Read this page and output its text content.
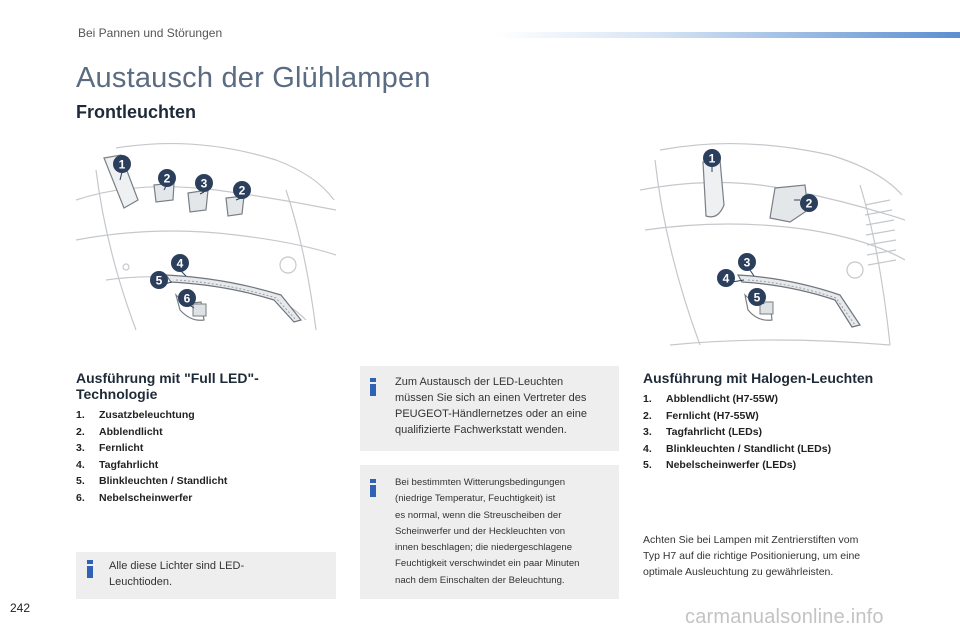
Bei Pannen und Störungen
Austausch der Glühlampen
Frontleuchten
1
2	3	2
4
5
6
1
2
3
4
5
Ausführung mit "Full LED"-
Technologie
1. Zusatzbeleuchtung
2. Abblendlicht
3. Fernlicht
4. Tagfahrlicht
5. Blinkleuchten / Standlicht
6. Nebelscheinwerfer
Alle diese Lichter sind LED-
Leuchtioden.
Zum Austausch der LED-Leuchten
müssen Sie sich an einen Vertreter des
PEUGEOT-Händlernetzes oder an eine
qualifizierte Fachwerkstatt wenden.
Bei bestimmten Witterungsbedingungen
(niedrige Temperatur, Feuchtigkeit) ist
es normal, wenn die Streuscheiben der
Scheinwerfer und der Heckleuchten von
innen beschlagen; die niedergeschlagene
Feuchtigkeit verschwindet ein paar Minuten
nach dem Einschalten der Beleuchtung.
Ausführung mit Halogen-Leuchten
1. Abblendlicht (H7-55W)
2. Fernlicht (H7-55W)
3. Tagfahrlicht (LEDs)
4. Blinkleuchten / Standlicht (LEDs)
5. Nebelscheinwerfer (LEDs)
Achten Sie bei Lampen mit Zentrierstiften vom
Typ H7 auf die richtige Positionierung, um eine
optimale Ausleuchtung zu gewährleisten.
242	carmanualsonline.info
